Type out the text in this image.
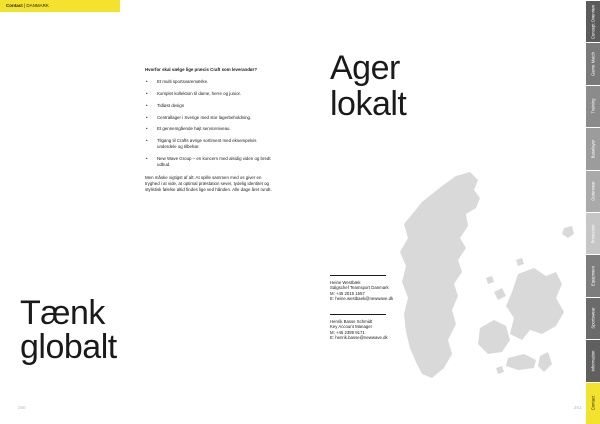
Contact | DANMARK
Tænk
globalt
Hvorfor skal vælge lige præcis Craft som leverandør?
• Et multi sportsvaremærke.
• Komplet kollektion til dame, herre og junior.
• Tidløst design
• Centrallager i Sverige med stor lagerbeholdning.
• Et gennemgående højt serviceniveau.
• Tilgang til Crafts øvrige sortiment med eksempelvis underdele og tilbehør.
• New Wave Group – en koncern med alsidig viden og bredt udbud.
Men måske vigtigst af alt: At spille sammen med os giver en tryghed i at vide, at optimal præstation sever, tydelig identitet og stylistisk følelse altid findes lige ved hånden. Alle dage året rundt.
260
Ager
lokalt
Heine Westbæk
Salgschef Teamsport Danmark
M: +45 2015 1557
E: heine.westbaek@newwave.dk
Henrik Basse Schmidt
Key Account Manager
M: +45 2389 9171
E: henrik.basse@newwave.dk
261
Concept Overview
Game Match
Training
Baselayer
Outerwear
Protection
Equipment
Sportswear
Information
Contact
